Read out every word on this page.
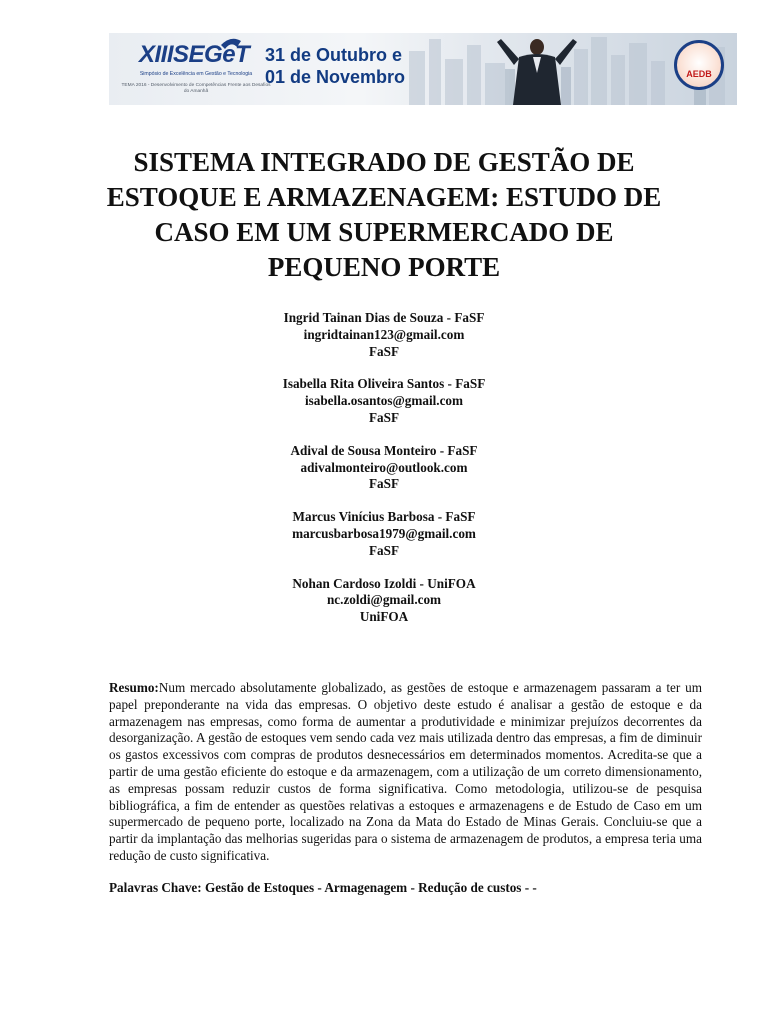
XIIISEGeT
Simpósio de Excelência em Gestão e Tecnologia
TEMA 2016 - Desenvolvimento de Competências Frente aos Desafios do Amanhã
31 de Outubro e
01 de Novembro	AEDB
SISTEMA INTEGRADO DE GESTÃO DE ESTOQUE E ARMAZENAGEM: ESTUDO DE CASO EM UM SUPERMERCADO DE PEQUENO PORTE
Ingrid Tainan Dias de Souza - FaSF
ingridtainan123@gmail.com
FaSF
Isabella Rita Oliveira Santos - FaSF
isabella.osantos@gmail.com
FaSF
Adival de Sousa Monteiro - FaSF
adivalmonteiro@outlook.com
FaSF
Marcus Vinícius Barbosa - FaSF
marcusbarbosa1979@gmail.com
FaSF
Nohan Cardoso Izoldi - UniFOA
nc.zoldi@gmail.com
UniFOA

Resumo:Num mercado absolutamente globalizado, as gestões de estoque e armazenagem passaram a ter um papel preponderante na vida das empresas. O objetivo deste estudo é analisar a gestão de estoque e da armazenagem nas empresas, como forma de aumentar a produtividade e minimizar prejuízos decorrentes da desorganização. A gestão de estoques vem sendo cada vez mais utilizada dentro das empresas, a fim de diminuir os gastos excessivos com compras de produtos desnecessários em determinados momentos. Acredita-se que a partir de uma gestão eficiente do estoque e da armazenagem, com a utilização de um correto dimensionamento, as empresas possam reduzir custos de forma significativa. Como metodologia, utilizou-se de pesquisa bibliográfica, a fim de entender as questões relativas a estoques e armazenagens e de Estudo de Caso em um supermercado de pequeno porte, localizado na Zona da Mata do Estado de Minas Gerais. Concluiu-se que a partir da implantação das melhorias sugeridas para o sistema de armazenagem de produtos, a empresa teria uma redução de custo significativa.

Palavras Chave: Gestão de Estoques - Armagenagem - Redução de custos - -
